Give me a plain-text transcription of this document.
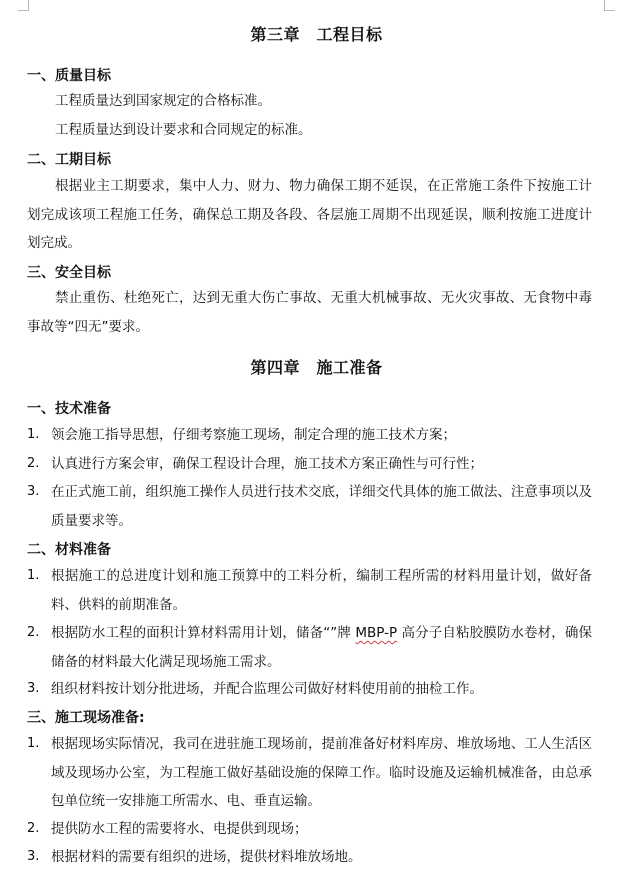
第三章　工程目标
一、质量目标
工程质量达到国家规定的合格标准。
工程质量达到设计要求和合同规定的标准。
二、工期目标
根据业主工期要求，集中人力、财力、物力确保工期不延误，在正常施工条件下按施工计划完成该项工程施工任务，确保总工期及各段、各层施工周期不出现延误，顺利按施工进度计划完成。
三、安全目标
禁止重伤、杜绝死亡，达到无重大伤亡事故、无重大机械事故、无火灾事故、无食物中毒事故等“四无”要求。
第四章　施工准备
一、技术准备
1. 领会施工指导思想，仔细考察施工现场，制定合理的施工技术方案；
2. 认真进行方案会审，确保工程设计合理，施工技术方案正确性与可行性；
3. 在正式施工前，组织施工操作人员进行技术交底，详细交代具体的施工做法、注意事项以及质量要求等。
二、材料准备
1. 根据施工的总进度计划和施工预算中的工料分析，编制工程所需的材料用量计划，做好备料、供料的前期准备。
2. 根据防水工程的面积计算材料需用计划，储备“”牌 MBP-P 高分子自粘胶膜防水卷材，确保储备的材料最大化满足现场施工需求。
3. 组织材料按计划分批进场，并配合监理公司做好材料使用前的抽检工作。
三、施工现场准备:
1. 根据现场实际情况，我司在进驻施工现场前，提前准备好材料库房、堆放场地、工人生活区域及现场办公室，为工程施工做好基础设施的保障工作。临时设施及运输机械准备，由总承包单位统一安排施工所需水、电、垂直运输。
2. 提供防水工程的需要将水、电提供到现场；
3. 根据材料的需要有组织的进场，提供材料堆放场地。
